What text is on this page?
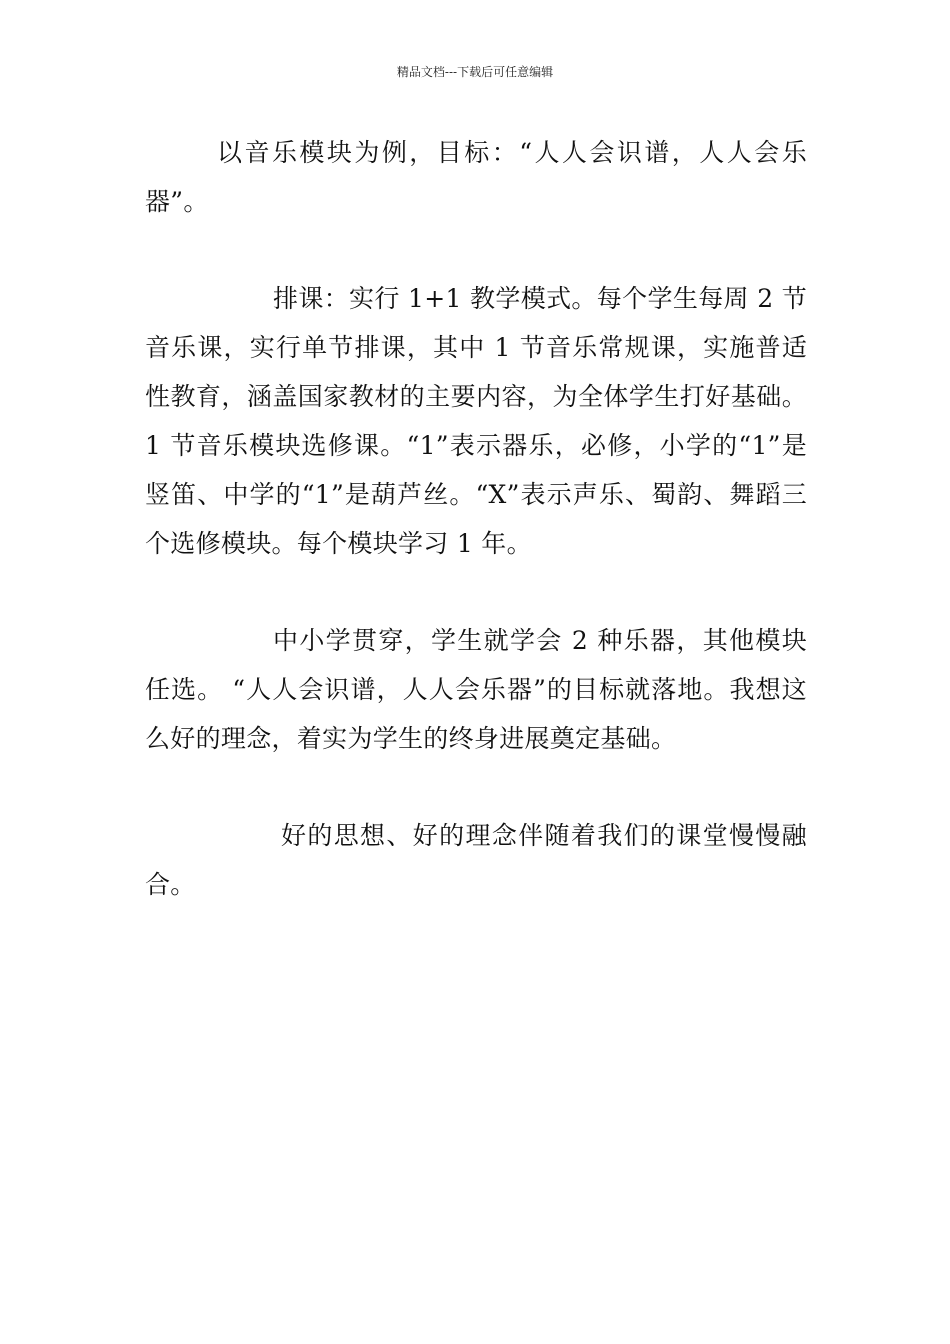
精品文档---下载后可任意编辑

以音乐模块为例，目标：“人人会识谱，人人会乐器”。

排课：实行 1+1 教学模式。每个学生每周 2 节音乐课，实行单节排课，其中 1 节音乐常规课，实施普适性教育，涵盖国家教材的主要内容，为全体学生打好基础。1 节音乐模块选修课。“1”表示器乐，必修，小学的“1”是竖笛、中学的“1”是葫芦丝。“X”表示声乐、蜀韵、舞蹈三个选修模块。每个模块学习 1 年。

中小学贯穿，学生就学会 2 种乐器，其他模块任选。 “人人会识谱，人人会乐器”的目标就落地。我想这么好的理念，着实为学生的终身进展奠定基础。

好的思想、好的理念伴随着我们的课堂慢慢融合。
